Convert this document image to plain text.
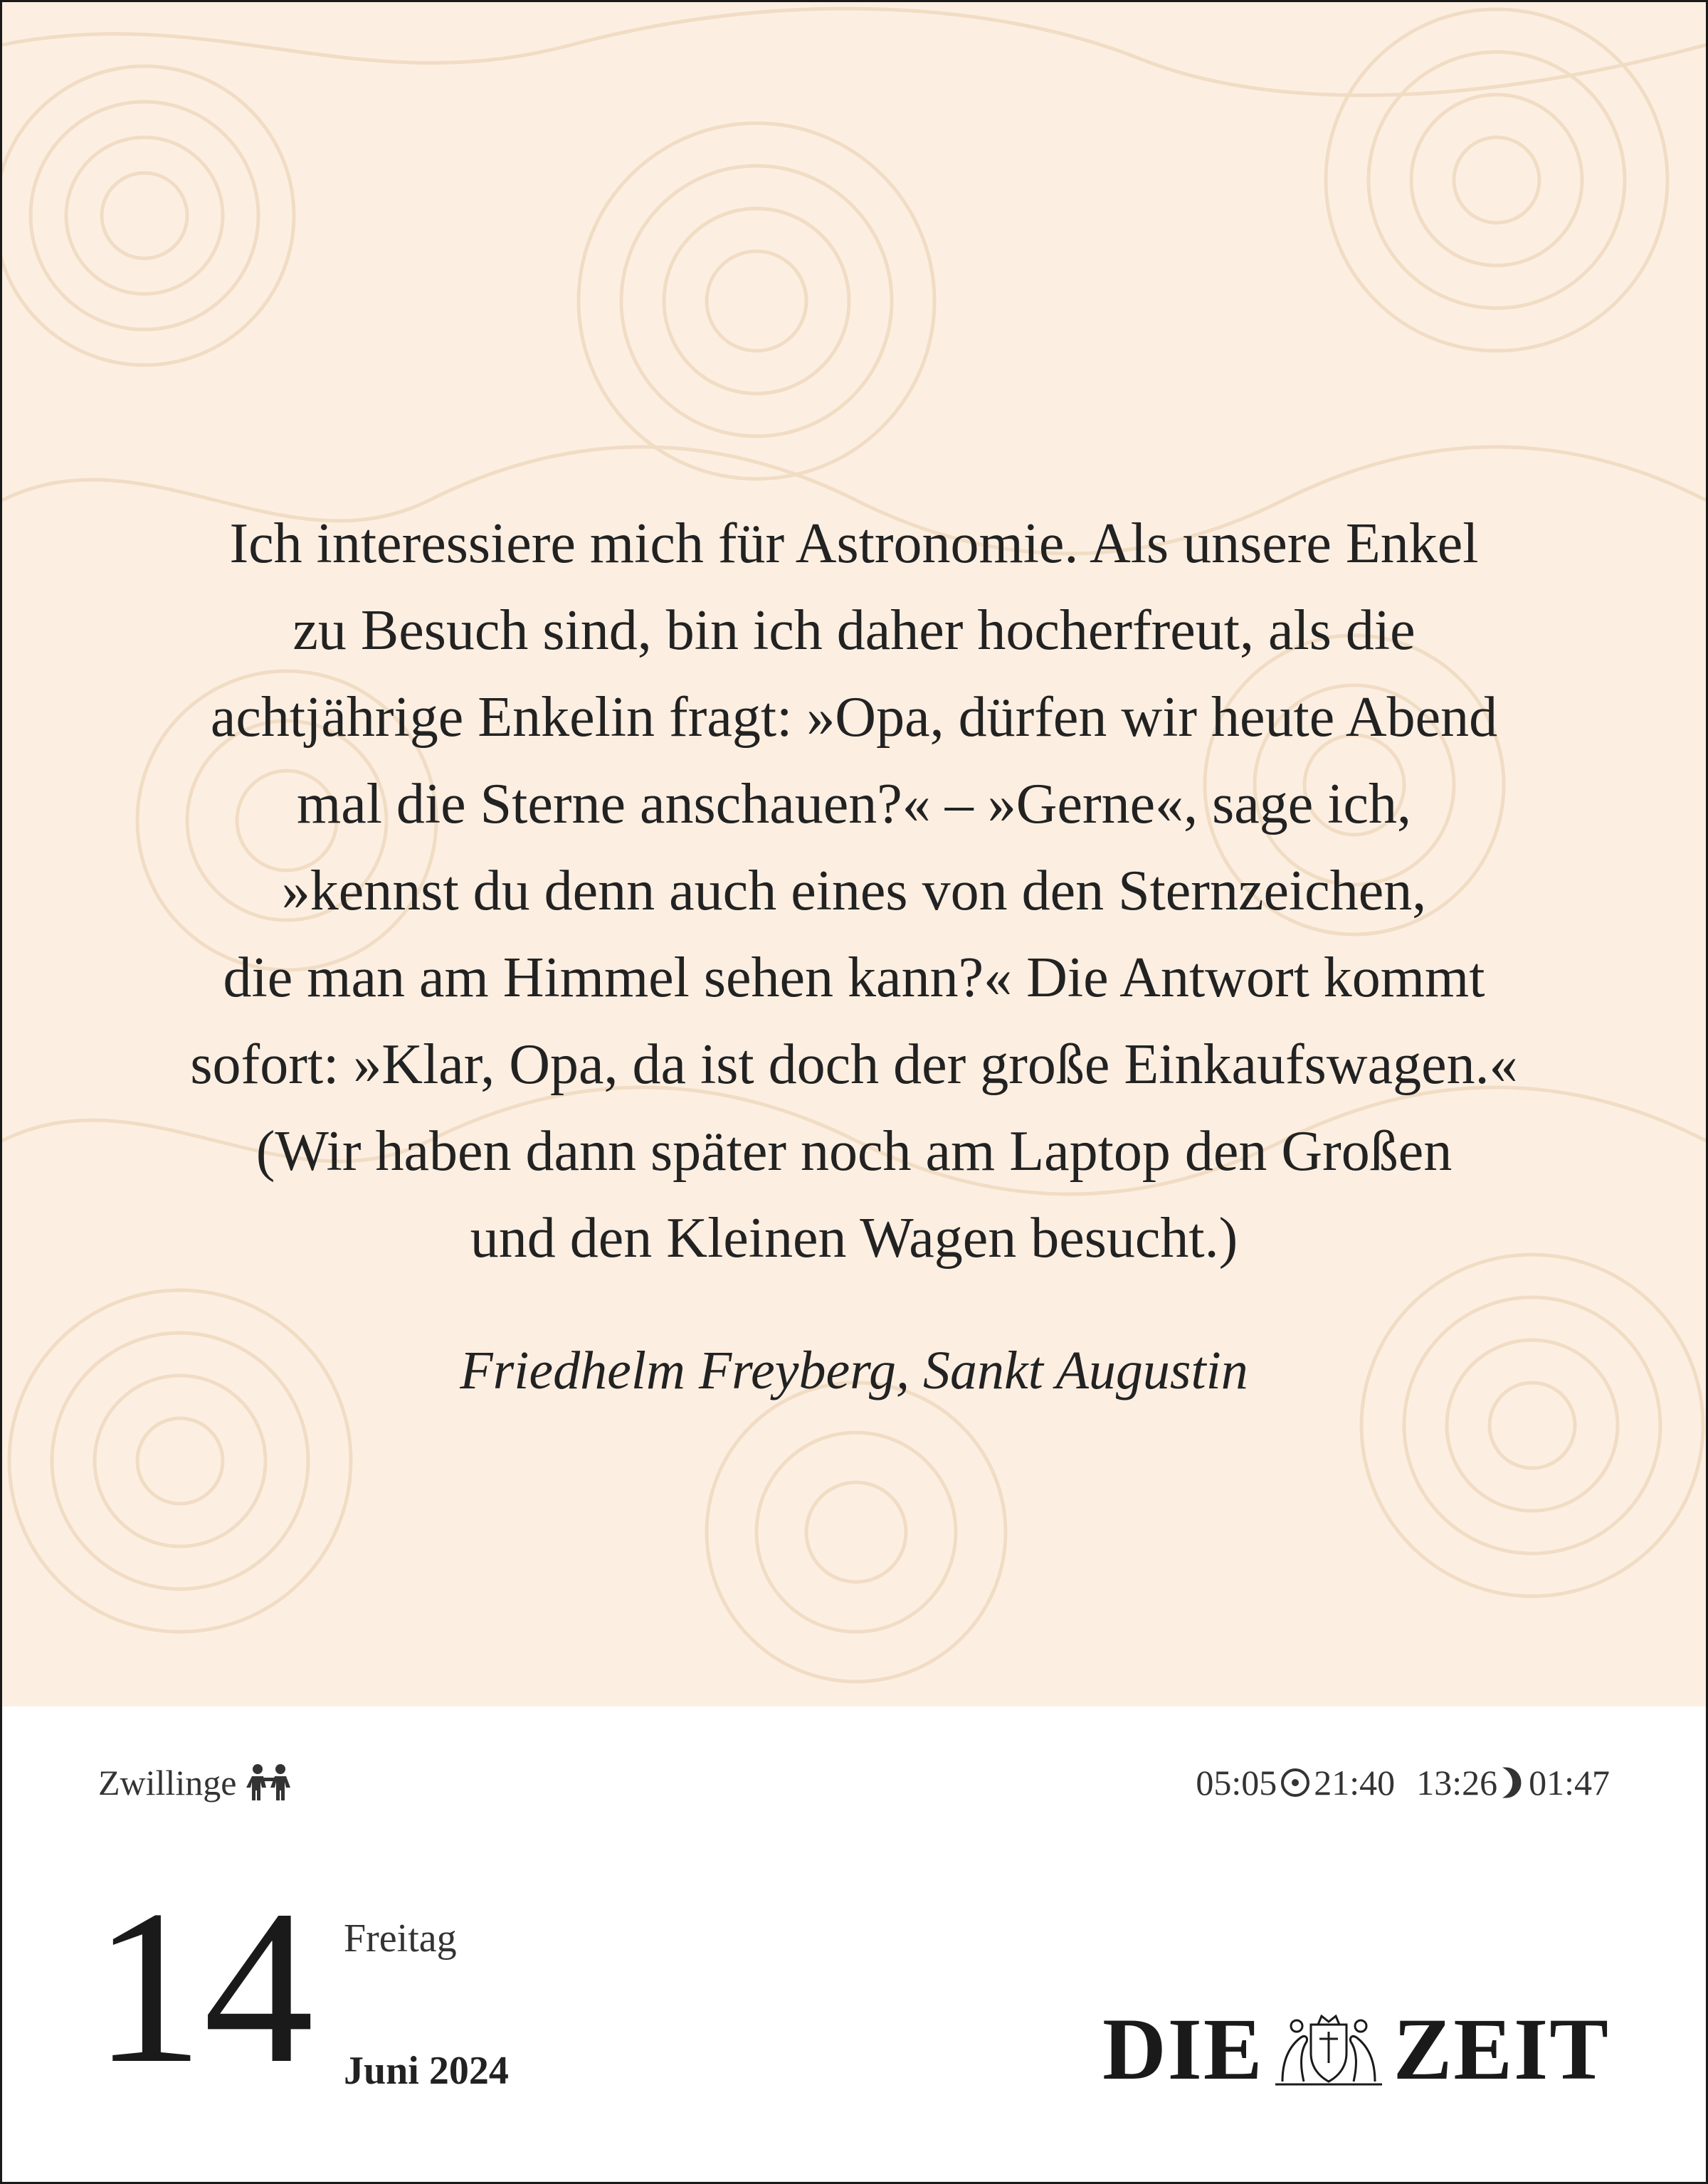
Ich interessiere mich für Astronomie. Als unsere Enkel
zu Besuch sind, bin ich daher hocherfreut, als die
achtjährige Enkelin fragt: »Opa, dürfen wir heute Abend
mal die Sterne anschauen?« – »Gerne«, sage ich,
»kennst du denn auch eines von den Sternzeichen,
die man am Himmel sehen kann?« Die Antwort kommt
sofort: »Klar, Opa, da ist doch der große Einkaufswagen.«
(Wir haben dann später noch am Laptop den Großen
und den Kleinen Wagen besucht.)

Friedhelm Freyberg, Sankt Augustin
Zwillinge	05:05 21:40 13:26 01:47
14 Freitag
Juni 2024	DIE ZEIT
